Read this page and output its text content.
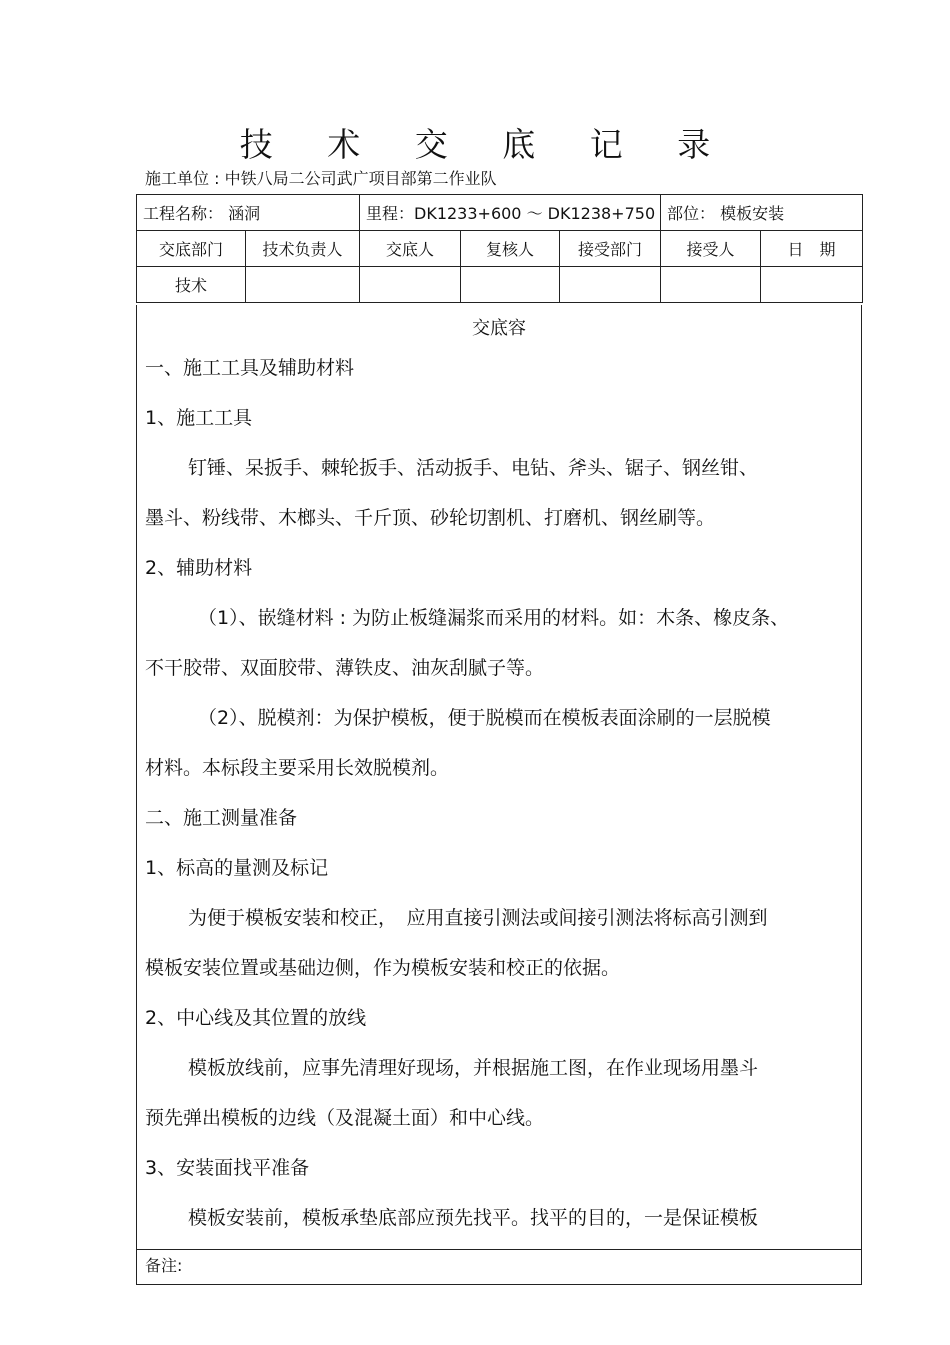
技 术 交 底 记 录
施工单位 : 中铁八局二公司武广项目部第二作业队
工程名称： 涵洞		里程：DK1233+600 ～ DK1238+750			部位： 模板安装	
交底部门	技术负责人	交底人	复核人	接受部门	接受人	日　期
技术						
交底容
一、施工工具及辅助材料
1、施工工具
钉锤、呆扳手、棘轮扳手、活动扳手、电钻、斧头、锯子、钢丝钳、
墨斗、粉线带、木榔头、千斤顶、砂轮切割机、打磨机、钢丝刷等。
2、辅助材料
（1）、嵌缝材料 : 为防止板缝漏浆而采用的材料。如：木条、橡皮条、
不干胶带、双面胶带、薄铁皮、油灰刮腻子等。
（2）、脱模剂：为保护模板，便于脱模而在模板表面涂刷的一层脱模
材料。本标段主要采用长效脱模剂。
二、施工测量准备
1、标高的量测及标记
为便于模板安装和校正，　应用直接引测法或间接引测法将标高引测到
模板安装位置或基础边侧，作为模板安装和校正的依据。
2、中心线及其位置的放线
模板放线前，应事先清理好现场，并根据施工图，在作业现场用墨斗
预先弹出模板的边线（及混凝土面）和中心线。
3、安装面找平准备
模板安装前，模板承垫底部应预先找平。找平的目的，一是保证模板
备注:
